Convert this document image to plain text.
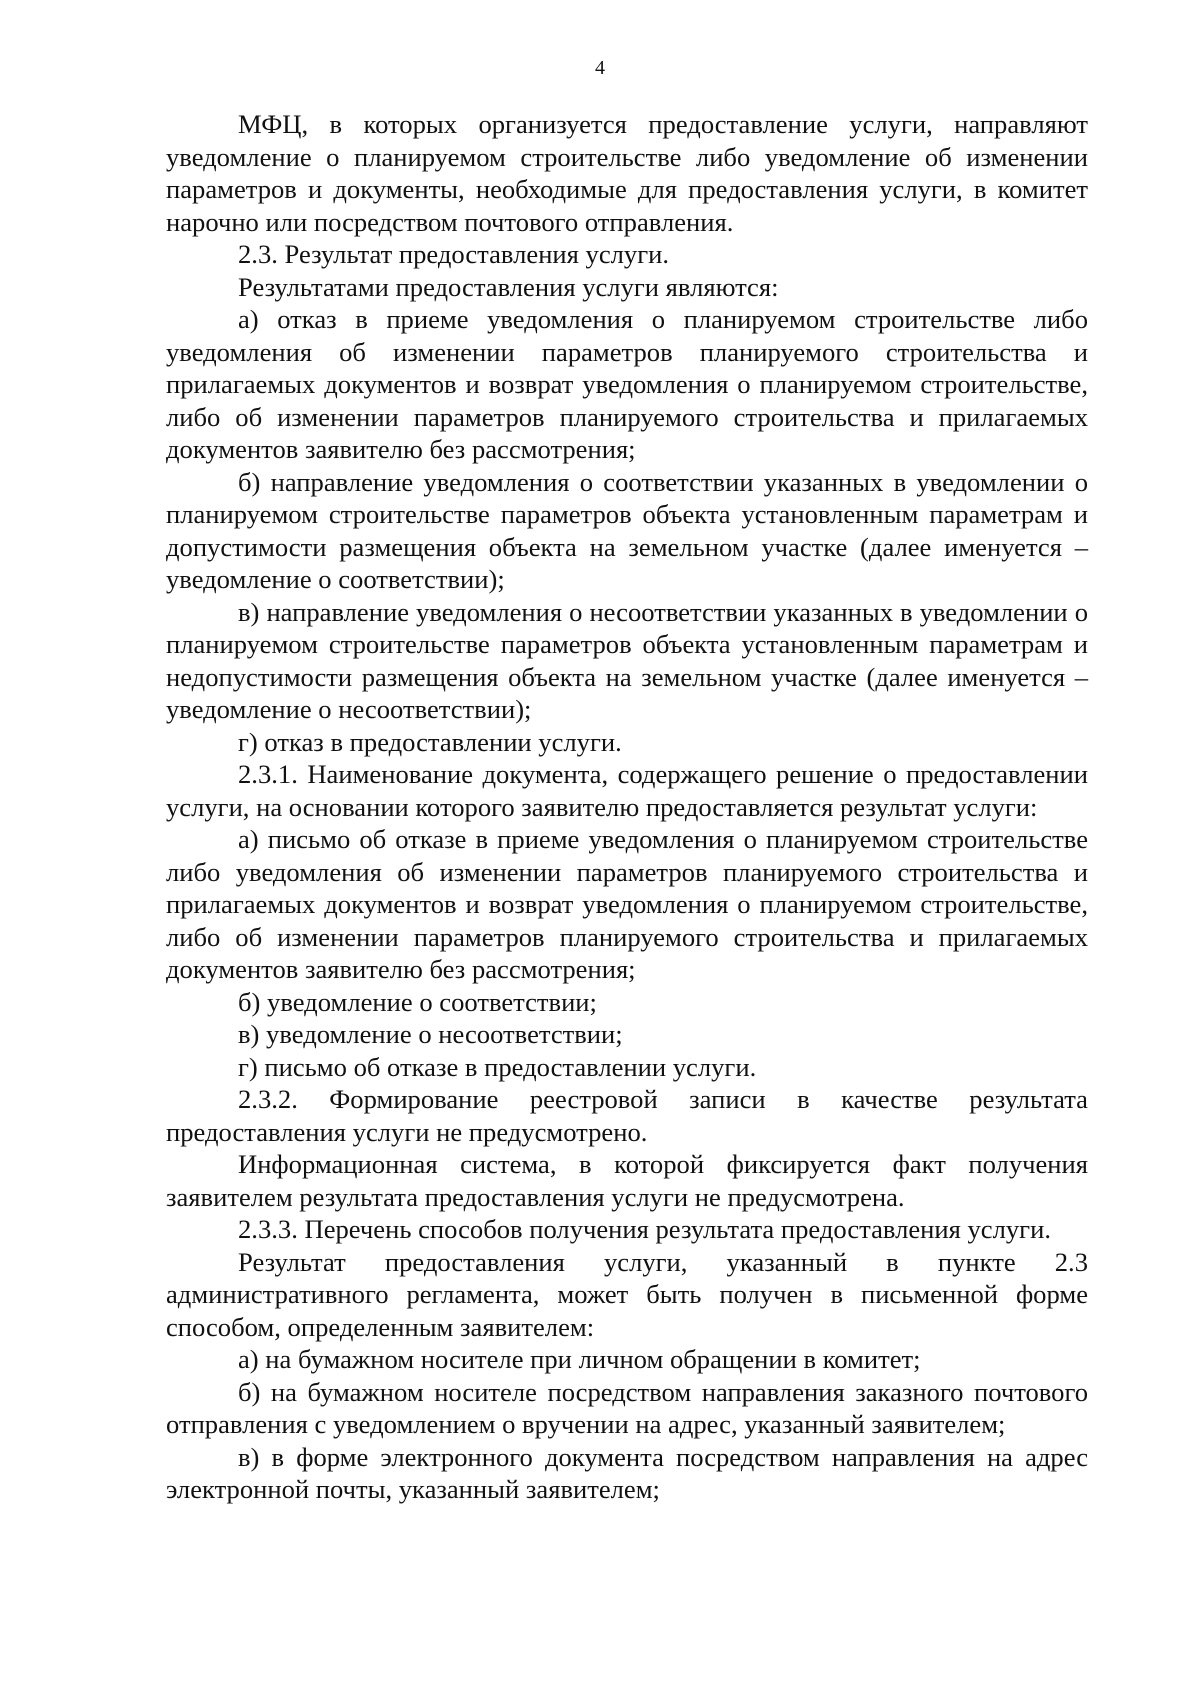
4

МФЦ, в которых организуется предоставление услуги, направляют уведомление о планируемом строительстве либо уведомление об изменении параметров и документы, необходимые для предоставления услуги, в комитет нарочно или посредством почтового отправления.

2.3. Результат предоставления услуги.

Результатами предоставления услуги являются:

а) отказ в приеме уведомления о планируемом строительстве либо уведомления об изменении параметров планируемого строительства и прилагаемых документов и возврат уведомления о планируемом строительстве, либо об изменении параметров планируемого строительства и прилагаемых документов заявителю без рассмотрения;

б) направление уведомления о соответствии указанных в уведомлении о планируемом строительстве параметров объекта установленным параметрам и допустимости размещения объекта на земельном участке (далее именуется – уведомление о соответствии);

в) направление уведомления о несоответствии указанных в уведомлении о планируемом строительстве параметров объекта установленным параметрам и недопустимости размещения объекта на земельном участке (далее именуется – уведомление о несоответствии);

г) отказ в предоставлении услуги.

2.3.1. Наименование документа, содержащего решение о предоставлении услуги, на основании которого заявителю предоставляется результат услуги:

а) письмо об отказе в приеме уведомления о планируемом строительстве либо уведомления об изменении параметров планируемого строительства и прилагаемых документов и возврат уведомления о планируемом строительстве, либо об изменении параметров планируемого строительства и прилагаемых документов заявителю без рассмотрения;

б) уведомление о соответствии;

в) уведомление о несоответствии;

г) письмо об отказе в предоставлении услуги.

2.3.2. Формирование реестровой записи в качестве результата предоставления услуги не предусмотрено.

Информационная система, в которой фиксируется факт получения заявителем результата предоставления услуги не предусмотрена.

2.3.3. Перечень способов получения результата предоставления услуги.

Результат предоставления услуги, указанный в пункте 2.3 административного регламента, может быть получен в письменной форме способом, определенным заявителем:

а) на бумажном носителе при личном обращении в комитет;

б) на бумажном носителе посредством направления заказного почтового отправления с уведомлением о вручении на адрес, указанный заявителем;

в) в форме электронного документа посредством направления на адрес электронной почты, указанный заявителем;
